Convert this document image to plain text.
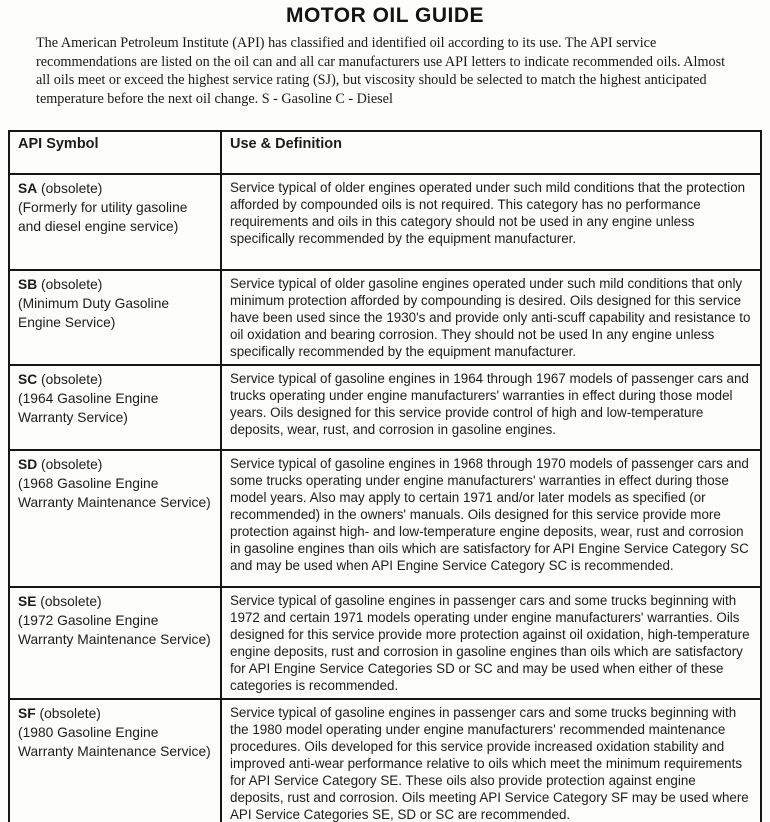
MOTOR OIL GUIDE

The American Petroleum Institute (API) has classified and identified oil according to its use. The API service recommendations are listed on the oil can and all car manufacturers use API letters to indicate recommended oils. Almost all oils meet or exceed the highest service rating (SJ), but viscosity should be selected to match the highest anticipated temperature before the next oil change. S - Gasoline C - Diesel

API Symbol	Use & Definition

SA (obsolete)
(Formerly for utility gasoline and diesel engine service)	Service typical of older engines operated under such mild conditions that the protection afforded by compounded oils is not required. This category has no performance requirements and oils in this category should not be used in any engine unless specifically recommended by the equipment manufacturer.

SB (obsolete)
(Minimum Duty Gasoline Engine Service)	Service typical of older gasoline engines operated under such mild conditions that only minimum protection afforded by compounding is desired. Oils designed for this service have been used since the 1930's and provide only anti-scuff capability and resistance to oil oxidation and bearing corrosion. They should not be used In any engine unless specifically recommended by the equipment manufacturer.

SC (obsolete)
(1964 Gasoline Engine Warranty Service)	Service typical of gasoline engines in 1964 through 1967 models of passenger cars and trucks operating under engine manufacturers' warranties in effect during those model years. Oils designed for this service provide control of high and low-temperature deposits, wear, rust, and corrosion in gasoline engines.

SD (obsolete)
(1968 Gasoline Engine Warranty Maintenance Service)	Service typical of gasoline engines in 1968 through 1970 models of passenger cars and some trucks operating under engine manufacturers' warranties in effect during those model years. Also may apply to certain 1971 and/or later models as specified (or recommended) in the owners' manuals. Oils designed for this service provide more protection against high- and low-temperature engine deposits, wear, rust and corrosion in gasoline engines than oils which are satisfactory for API Engine Service Category SC and may be used when API Engine Service Category SC is recommended.

SE (obsolete)
(1972 Gasoline Engine Warranty Maintenance Service)	Service typical of gasoline engines in passenger cars and some trucks beginning with 1972 and certain 1971 models operating under engine manufacturers' warranties. Oils designed for this service provide more protection against oil oxidation, high-temperature engine deposits, rust and corrosion in gasoline engines than oils which are satisfactory for API Engine Service Categories SD or SC and may be used when either of these categories is recommended.

SF (obsolete)
(1980 Gasoline Engine Warranty Maintenance Service)	Service typical of gasoline engines in passenger cars and some trucks beginning with the 1980 model operating under engine manufacturers' recommended maintenance procedures. Oils developed for this service provide increased oxidation stability and improved anti-wear performance relative to oils which meet the minimum requirements for API Service Category SE. These oils also provide protection against engine deposits, rust and corrosion. Oils meeting API Service Category SF may be used where API Service Categories SE, SD or SC are recommended.
